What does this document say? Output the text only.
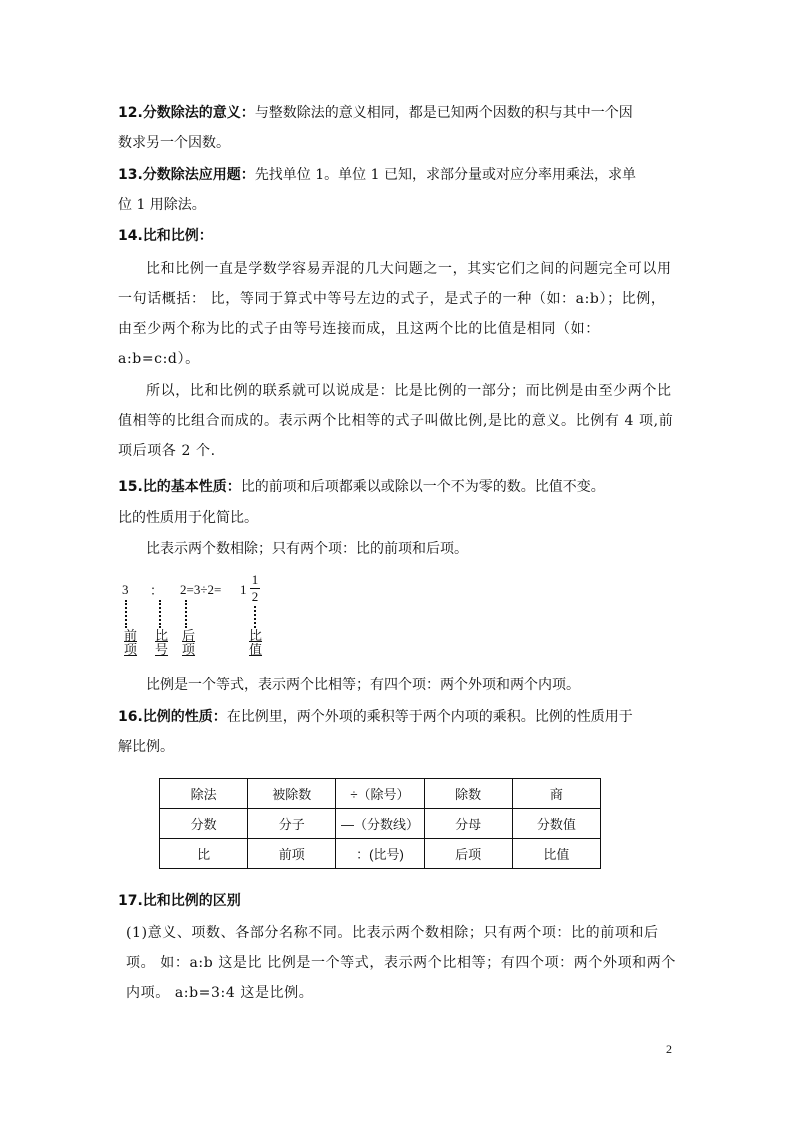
12.分数除法的意义：与整数除法的意义相同，都是已知两个因数的积与其中一个因

数求另一个因数。

13.分数除法应用题：先找单位 1。单位 1 已知，求部分量或对应分率用乘法，求单

位 1 用除法。

14.比和比例：

比和比例一直是学数学容易弄混的几大问题之一，其实它们之间的问题完全可以用一句话概括： 比，等同于算式中等号左边的式子，是式子的一种（如：a:b）；比例，由至少两个称为比的式子由等号连接而成，且这两个比的比值是相同（如：a:b=c:d）。

所以，比和比例的联系就可以说成是：比是比例的一部分；而比例是由至少两个比值相等的比组合而成的。表示两个比相等的式子叫做比例,是比的意义。比例有 4 项,前项后项各 2 个.

15.比的基本性质：比的前项和后项都乘以或除以一个不为零的数。比值不变。

比的性质用于化简比。

比表示两个数相除；只有两个项：比的前项和后项。

3 ： 2=3÷2=
前项
比号
后项
比值
1
1
2

比例是一个等式，表示两个比相等；有四个项：两个外项和两个内项。

16.比例的性质：在比例里，两个外项的乘积等于两个内项的乘积。比例的性质用于

解比例。

除法	被除数	÷（除号）	除数	商
分数	分子	—（分数线）	分母	分数值
比	前项	：(比号)	后项	比值

17.比和比例的区别

(1)意义、项数、各部分名称不同。比表示两个数相除；只有两个项：比的前项和后项。 如：a:b 这是比 比例是一个等式，表示两个比相等；有四个项：两个外项和两个内项。 a:b=3:4 这是比例。

2
